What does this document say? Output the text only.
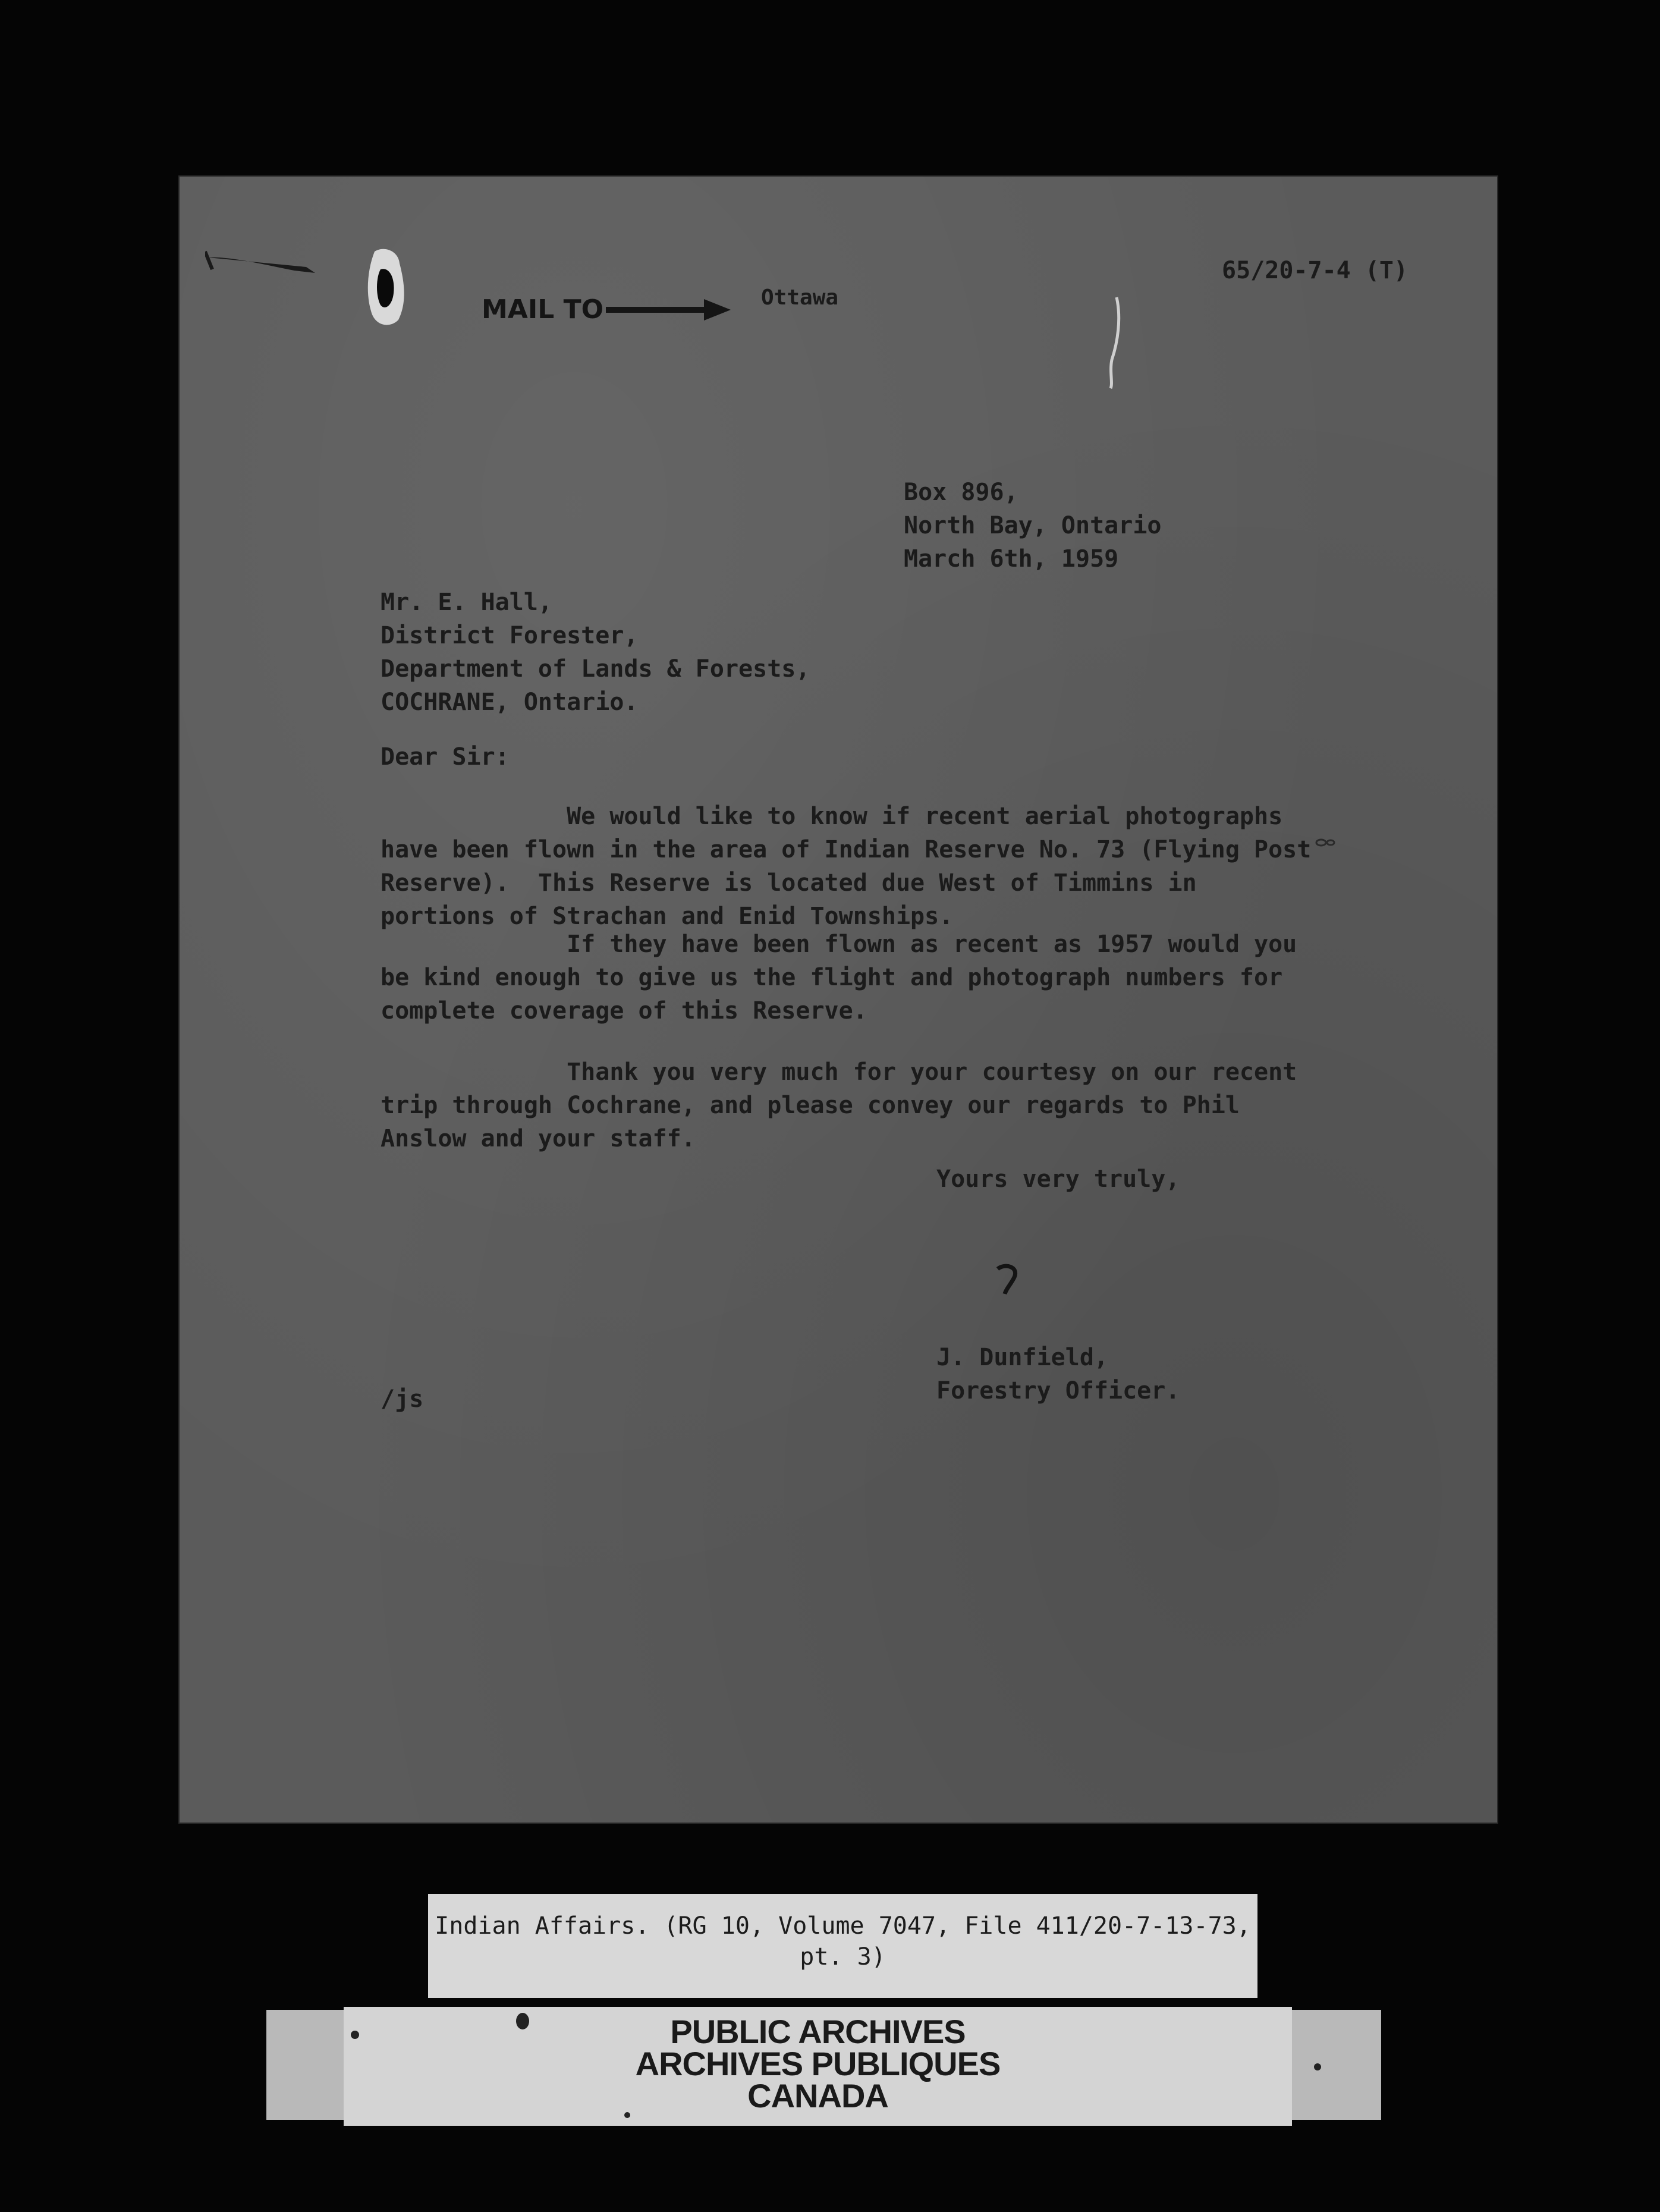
MAIL TO	Ottawa
65/20-7-4 (T)
Box 896,
North Bay, Ontario
March 6th, 1959
Mr. E. Hall,
District Forester,
Department of Lands & Forests,
COCHRANE, Ontario.
Dear Sir:
We would like to know if recent aerial photographs
have been flown in the area of Indian Reserve No. 73 (Flying Post
Reserve).  This Reserve is located due West of Timmins in
portions of Strachan and Enid Townships.
If they have been flown as recent as 1957 would you
be kind enough to give us the flight and photograph numbers for
complete coverage of this Reserve.
Thank you very much for your courtesy on our recent
trip through Cochrane, and please convey our regards to Phil
Anslow and your staff.
Yours very truly,
J. Dunfield,
Forestry Officer.
/js
Indian Affairs. (RG 10, Volume 7047, File 411/20-7-13-73,
pt. 3)
PUBLIC ARCHIVES
ARCHIVES PUBLIQUES
CANADA
